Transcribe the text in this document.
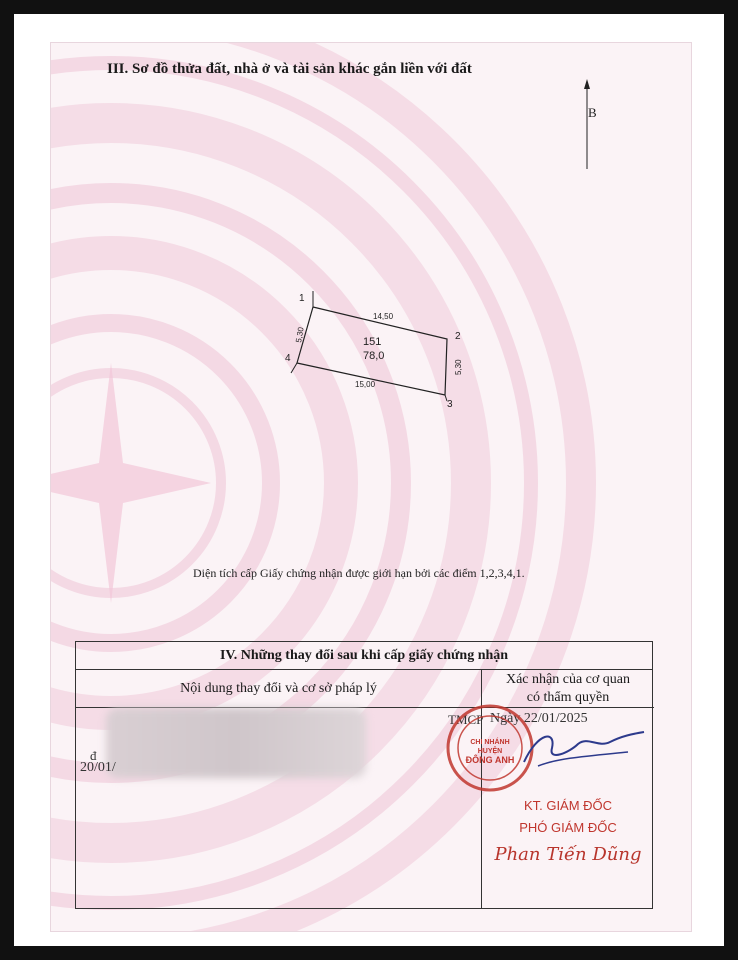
III. Sơ đồ thửa đất, nhà ở và tài sản khác gắn liền với đất
B
1
2
3
4
14,50
15,00
5,30
5,30
151
78,0
Diện tích cấp Giấy chứng nhận được giới hạn bởi các điểm 1,2,3,4,1.
IV. Những thay đổi sau khi cấp giấy chứng nhận
Nội dung thay đổi và cơ sở pháp lý
Xác nhận của cơ quan
có thẩm quyền
TMCP
đ
20/01/
Ngày 22/01/2025
CHI NHÁNH
HUYỆN
ĐÔNG ANH
KT. GIÁM ĐỐC
PHÓ GIÁM ĐỐC
Phan Tiến Dũng
